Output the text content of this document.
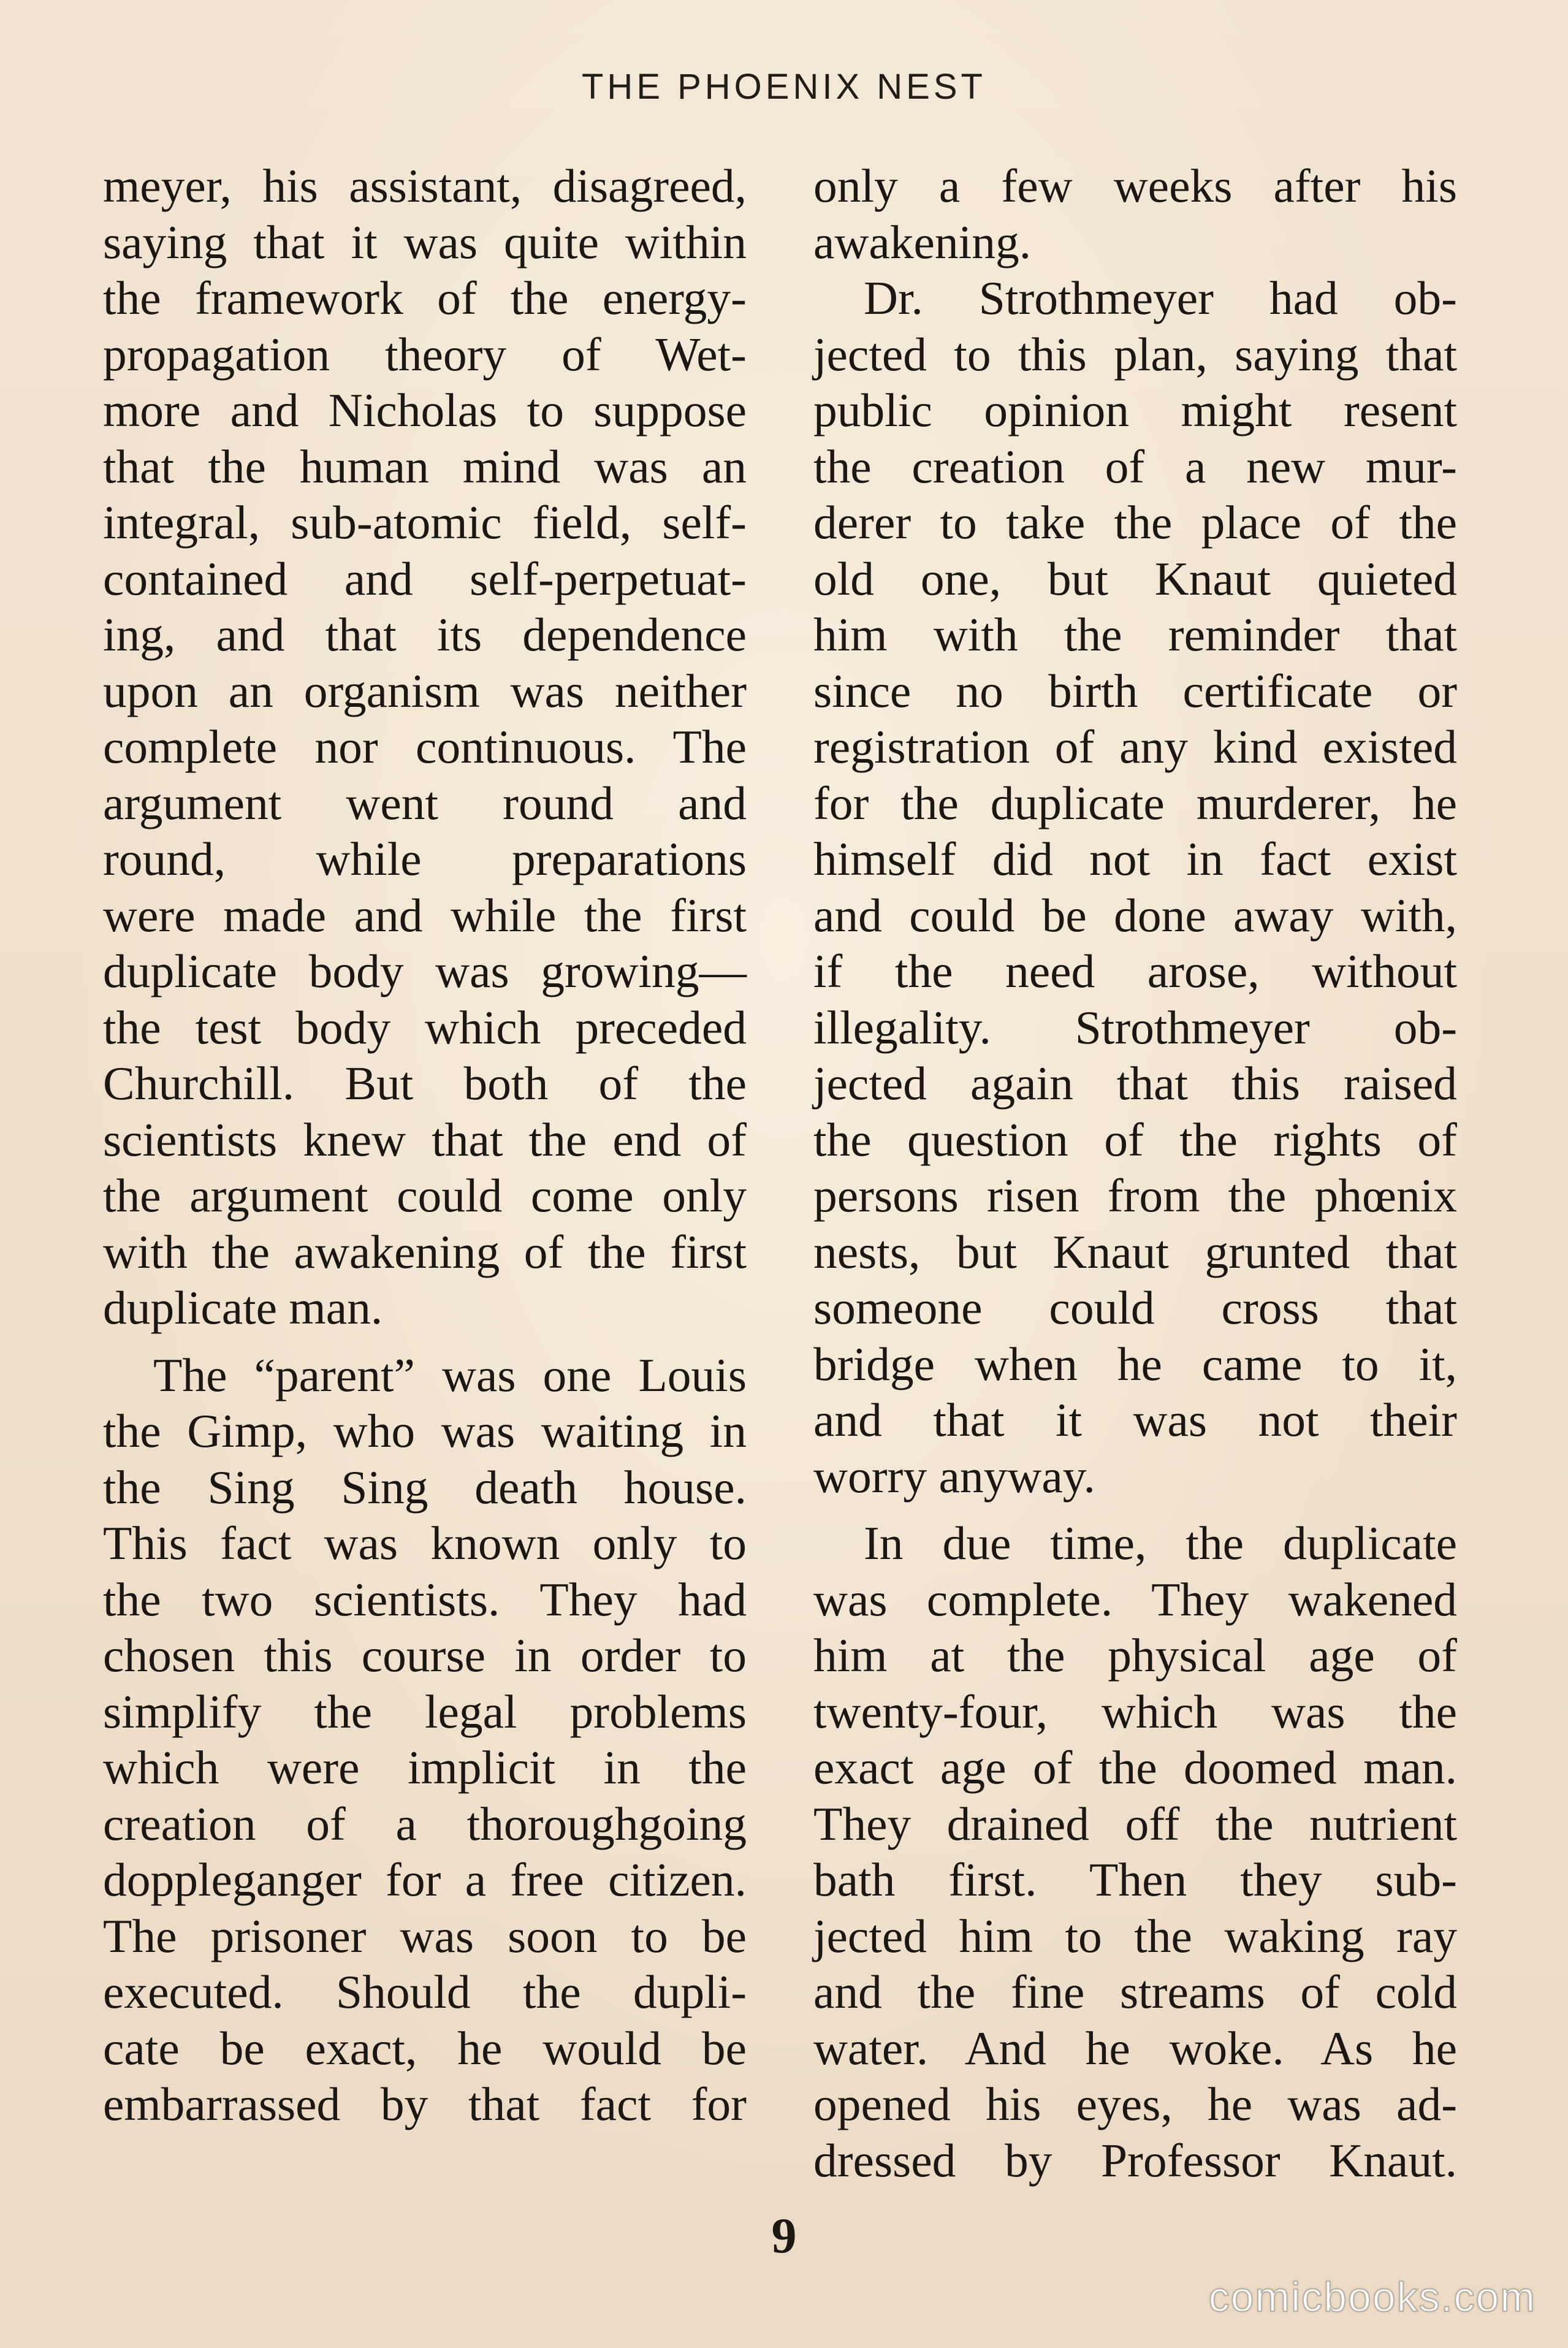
THE PHOENIX NEST
meyer, his assistant, disagreed,
saying that it was quite within
the framework of the energy-
propagation theory of Wet-
more and Nicholas to suppose
that the human mind was an
integral, sub-atomic field, self-
contained and self-perpetuat-
ing, and that its dependence
upon an organism was neither
complete nor continuous. The
argument went round and
round, while preparations
were made and while the first
duplicate body was growing—
the test body which preceded
Churchill. But both of the
scientists knew that the end of
the argument could come only
with the awakening of the first
duplicate man.
The “parent” was one Louis
the Gimp, who was waiting in
the Sing Sing death house.
This fact was known only to
the two scientists. They had
chosen this course in order to
simplify the legal problems
which were implicit in the
creation of a thoroughgoing
doppleganger for a free citizen.
The prisoner was soon to be
executed. Should the dupli-
cate be exact, he would be
embarrassed by that fact for
only a few weeks after his
awakening.
Dr. Strothmeyer had ob-
jected to this plan, saying that
public opinion might resent
the creation of a new mur-
derer to take the place of the
old one, but Knaut quieted
him with the reminder that
since no birth certificate or
registration of any kind existed
for the duplicate murderer, he
himself did not in fact exist
and could be done away with,
if the need arose, without
illegality. Strothmeyer ob-
jected again that this raised
the question of the rights of
persons risen from the phœnix
nests, but Knaut grunted that
someone could cross that
bridge when he came to it,
and that it was not their
worry anyway.
In due time, the duplicate
was complete. They wakened
him at the physical age of
twenty-four, which was the
exact age of the doomed man.
They drained off the nutrient
bath first. Then they sub-
jected him to the waking ray
and the fine streams of cold
water. And he woke. As he
opened his eyes, he was ad-
dressed by Professor Knaut.
9
comicbooks.com
